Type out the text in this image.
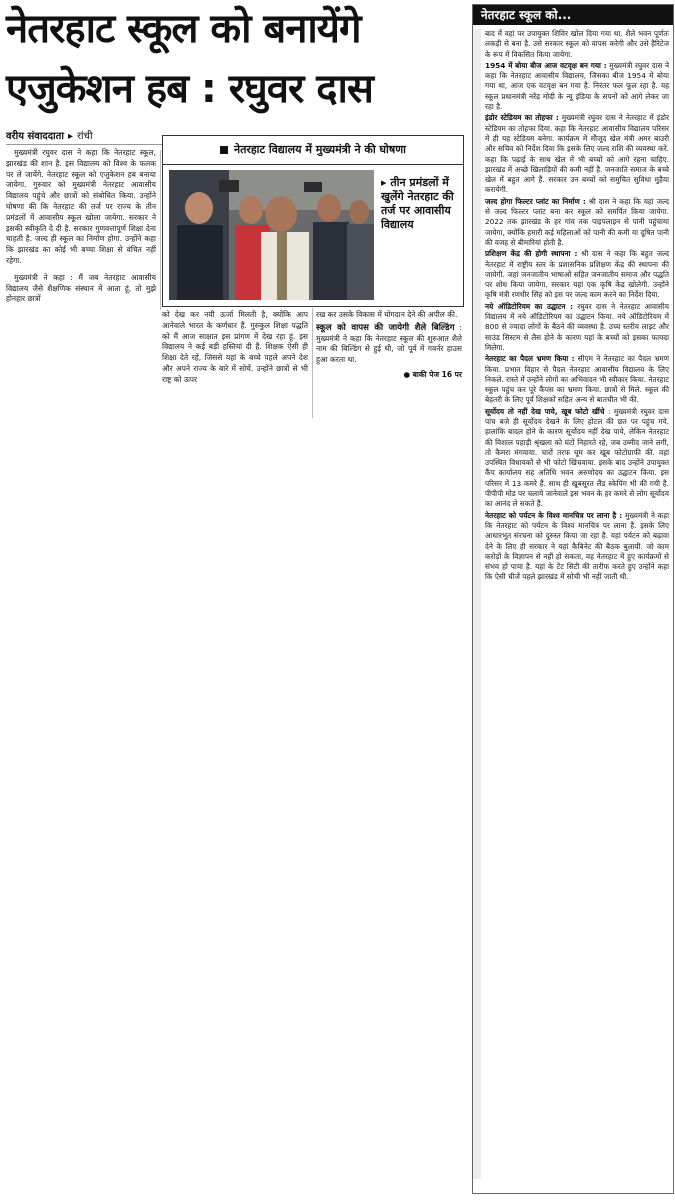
नेतरहाट स्कूल को बनायेंगे
एजुकेशन हब : रघुवर दास
वरीय संवाददाता ▸ रांची

मुख्यमंत्री रघुवर दास ने कहा कि नेतरहाट स्कूल, झारखंड की शान है. इस विद्यालय को विश्व के फलक पर ले जायेंगे. नेतरहाट स्कूल को एजुकेशन हब बनाया जायेगा. गुरुवार को मुख्यमंत्री नेतरहाट आवासीय विद्यालय पहुंचे और छात्रों को संबोधित किया. उन्होंने घोषणा की कि नेतरहाट की तर्ज पर राज्य के तीन प्रमंडलों में आवासीय स्कूल खोला जायेगा. सरकार ने इसकी स्वीकृति दे दी है. सरकार गुणवत्तापूर्ण शिक्षा देना चाहती है. जल्द ही स्कूल का निर्माण होगा. उन्होंने कहा कि झारखंड का कोई भी बच्चा शिक्षा से वंचित नहीं रहेगा.

मुख्यमंत्री ने कहा : मैं जब नेतरहाट आवासीय विद्यालय जैसे शैक्षणिक संस्थान में आता हूं, तो मुझे होनहार छात्रों

नेतरहाट विद्यालय में मुख्यमंत्री ने की घोषणा
▸ तीन प्रमंडलों में खुलेंगे नेतरहाट की तर्ज पर आवासीय विद्यालय

को देख कर नयी ऊर्जा मिलती है, क्योंकि आप आनेवाले भारत के कर्णधार हैं. गुरुकुल शिक्षा पद्धति को मैं आज साक्षात इस प्रांगण में देख रहा हूं. इस विद्यालय ने कई बड़ी हस्तियां दी हैं. शिक्षक ऐसी ही शिक्षा देते रहें, जिससे यहां के बच्चे पहले अपने देश और अपने राज्य के बारे में सोचें. उन्होंने छात्रों से भी राष्ट्र को ऊपर

रख कर उसके विकास में योगदान देने की अपील की.

स्कूल को वापस की जायेगी शैले बिल्डिंग : मुख्यमंत्री ने कहा कि नेतरहाट स्कूल की शुरुआत शैले नाम की बिल्डिंग से हुई थी, जो पूर्व में गवर्नर हाउस हुआ करता था.

● बाकी पेज 16 पर

नेतरहाट स्कूल को...

बाद में वहां पर उपायुक्त शिविर खोल दिया गया था. शैले भवन पूर्णतः लकड़ी से बना है. उसे सरकार स्कूल को वापस करेगी और उसे हैरिटेज के रूप में विकसित किया जायेगा.

1954 में बोया बीज आज वटवृक्ष बन गया : मुख्यमंत्री रघुवर दास ने कहा कि नेतरहाट आवासीय विद्यालय, जिसका बीज 1954 में बोया गया था, आज एक वटवृक्ष बन गया है. निरंतर फल फूल रहा है. यह स्कूल प्रधानमंत्री नरेंद्र मोदी के न्यू इंडिया के सपनों को आगे लेकर जा रहा है.

इंडोर स्टेडियम का तोहफा : मुख्यमंत्री रघुवर दास ने नेतरहाट में इंडोर स्टेडियम का तोहफा दिया. कहा कि नेतरहाट आवासीय विद्यालय परिसर में ही यह स्टेडियम बनेगा. कार्यक्रम में मौजूद खेल मंत्री अमर बाउरी और सचिव को निर्देश दिया कि इसके लिए जल्द राशि की व्यवस्था करें. कहा कि पढ़ाई के साथ खेल में भी बच्चों को आगे रहना चाहिए. झारखंड में अच्छे खिलाड़ियों की कमी नहीं है. जनजाति समाज के बच्चे खेल में बहुत आगे हैं. सरकार उन बच्चों को समुचित सुविधा मुहैया करायेगी.

जल्द होगा फिल्टर प्लांट का निर्माण : श्री दास ने कहा कि यहां जल्द से जल्द फिल्टर प्लांट बना कर स्कूल को समर्पित किया जायेगा. 2022 तक झारखंड के हर गांव तक पाइपलाइन से पानी पहुंचाया जायेगा, क्योंकि हमारी कई महिलाओं को पानी की कमी या दूषित पानी की वजह से बीमारियां होती है.

प्रशिक्षण केंद्र की होगी स्थापना : श्री दास ने कहा कि बहुत जल्द नेतरहाट में राष्ट्रीय स्तर के प्रशासनिक प्रशिक्षण केंद्र की स्थापना की जायेगी. जहां जनजातीय भाषाओं सहित जनजातीय समाज और पद्धति पर शोध किया जायेगा. सरकार यहां एक कृषि केंद्र खोलेगी. उन्होंने कृषि मंत्री रणधीर सिंह को इस पर जल्द काम करने का निर्देश दिया.

नये ऑडिटोरियम का उद्घाटन : रघुवर दास ने नेतरहाट आवासीय विद्यालय में नये ऑडिटोरियम का उद्घाटन किया. नये ऑडिटोरियम में 800 से ज्यादा लोगों के बैठने की व्यवस्था है. उच्च स्तरीय लाइट और साउंड सिस्टम से लैस होने के कारण यहां के बच्चों को इसका फायदा मिलेगा.

नेतरहाट का पैदल भ्रमण किया : सीएम ने नेतरहाट का पैदल भ्रमण किया. प्रभात विहार से पैदल नेतरहाट आवासीय विद्यालय के लिए निकले. रास्ते में उन्होंने लोगों का अभिवादन भी स्वीकार किया. नेतरहाट स्कूल पहुंच कर पूरे कैंपस का भ्रमण किया. छात्रों से मिले. स्कूल की बेहतरी के लिए पूर्व शिक्षकों सहित अन्य से बातचीत भी की.

सूर्योदय तो नहीं देख पाये, खूब फोटो खींचे : मुख्यमंत्री रघुवर दास पांच बजे ही सूर्योदय देखने के लिए होटल की छत पर पहुंच गये. हालांकि बादल होने के कारण सूर्योदय नहीं देख पाये, लेकिन नेतरहाट की विशाल पहाड़ी श्रृंखला को घंटों निहारते रहे, जब उम्मीद जाने लगी, तो कैमरा मंगवाया. चारों तरफ घूम कर खूब फोटोग्राफी की. वहां उपस्थित विधायकों से भी फोटो खिंचवाया. इसके बाद उन्होंने उपायुक्त कैंप कार्यालय सह अतिथि भवन अरुणोदय का उद्घाटन किया. इस परिसर में 13 कमरे हैं. साथ ही खूबसूरत लैंड स्केपिंग भी की गयी है. पीपीपी मोड पर चलाये जानेवाले इस भवन के हर कमरे से लोग सूर्योदय का आनंद ले सकते हैं.

नेतरहाट को पर्यटन के विश्व मानचित्र पर लाना है : मुख्यमंत्री ने कहा कि नेतरहाट को पर्यटन के विश्व मानचित्र पर लाना है. इसके लिए आधारभूत संरचना को दुरुस्त किया जा रहा है. यहां पर्यटन को बढ़ावा देने के लिए ही सरकार ने यहां कैबिनेट की बैठक बुलायी. जो काम करोड़ों के विज्ञापन से नहीं हो सकता, वह नेतरहाट में हुए कार्यक्रमों से संभव हो पाया है. यहां के टेंट सिटी की तारीफ करते हुए उन्होंने कहा कि ऐसी चीजें पहले झारखंड में सोची भी नहीं जाती थी.
